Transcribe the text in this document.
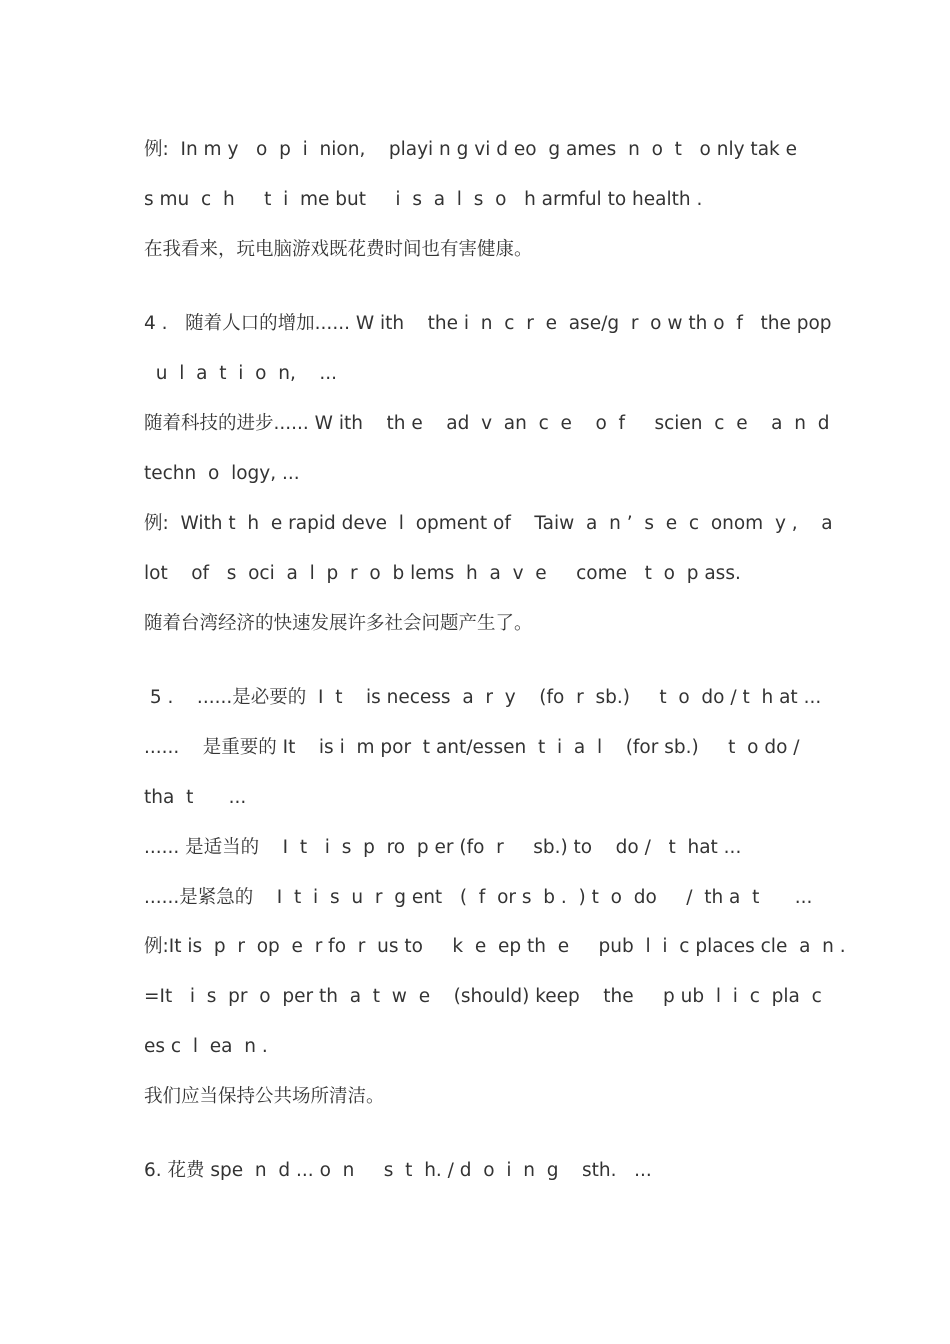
例:  In m y   o  p  i  nion,    playi n g vi d eo  g ames  n  o  t   o nly tak e
s mu  c  h     t  i  me but     i  s  a  l  s  o   h armful to health .
在我看来，玩电脑游戏既花费时间也有害健康。
4 .   随着人口的增加...... W ith    the i  n  c  r  e  ase/g  r  o w th o  f   the pop
u  l  a  t  i  o  n,    ...
随着科技的进步...... W ith    th e    ad  v  an  c  e    o  f     scien  c  e    a  n  d
techn  o  logy, ...
例:  With t  h  e rapid deve  l  opment of    Taiw  a  n ’  s  e  c  onom  y ,    a
lot    of   s  oci  a  l  p  r  o  b lems  h  a  v  e     come   t  o  p ass.
随着台湾经济的快速发展许多社会问题产生了。
5 .    ......是必要的  I  t    is necess  a  r  y    (fo  r  sb.)     t  o  do / t  h at ...
......    是重要的 It    is i  m por  t ant/essen  t  i  a  l    (for sb.)     t  o do /
tha  t      ...
...... 是适当的    I  t   i  s  p  ro  p er (fo  r     sb.) to    do /   t  hat ...
......是紧急的    I  t  i  s  u  r  g ent   (  f  or s  b .  ) t  o  do     /  th a  t      ...
例:It is  p  r  op  e  r fo  r  us to     k  e  ep th  e     pub  l  i  c places cle  a  n .
=It   i  s  pr  o  per th  a  t  w  e    (should) keep    the     p ub  l  i  c  pla  c
es c  l  ea  n .
我们应当保持公共场所清洁。
6. 花费 spe  n  d ... o  n     s  t  h. / d  o  i  n  g    sth.   ...
